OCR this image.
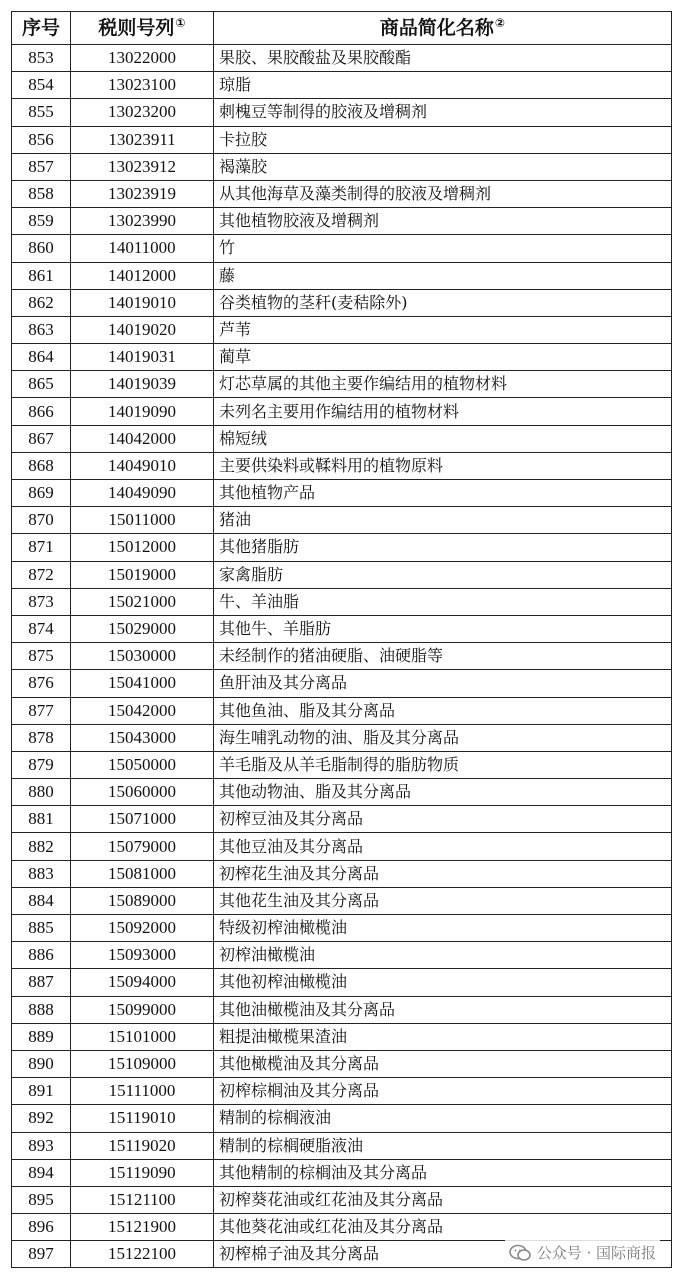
序号	税则号列①	商品简化名称②
853	13022000	果胶、果胶酸盐及果胶酸酯
854	13023100	琼脂
855	13023200	刺槐豆等制得的胶液及增稠剂
856	13023911	卡拉胶
857	13023912	褐藻胶
858	13023919	从其他海草及藻类制得的胶液及增稠剂
859	13023990	其他植物胶液及增稠剂
860	14011000	竹
861	14012000	藤
862	14019010	谷类植物的茎秆(麦秸除外)
863	14019020	芦苇
864	14019031	蔺草
865	14019039	灯芯草属的其他主要作编结用的植物材料
866	14019090	未列名主要用作编结用的植物材料
867	14042000	棉短绒
868	14049010	主要供染料或鞣料用的植物原料
869	14049090	其他植物产品
870	15011000	猪油
871	15012000	其他猪脂肪
872	15019000	家禽脂肪
873	15021000	牛、羊油脂
874	15029000	其他牛、羊脂肪
875	15030000	未经制作的猪油硬脂、油硬脂等
876	15041000	鱼肝油及其分离品
877	15042000	其他鱼油、脂及其分离品
878	15043000	海生哺乳动物的油、脂及其分离品
879	15050000	羊毛脂及从羊毛脂制得的脂肪物质
880	15060000	其他动物油、脂及其分离品
881	15071000	初榨豆油及其分离品
882	15079000	其他豆油及其分离品
883	15081000	初榨花生油及其分离品
884	15089000	其他花生油及其分离品
885	15092000	特级初榨油橄榄油
886	15093000	初榨油橄榄油
887	15094000	其他初榨油橄榄油
888	15099000	其他油橄榄油及其分离品
889	15101000	粗提油橄榄果渣油
890	15109000	其他橄榄油及其分离品
891	15111000	初榨棕榈油及其分离品
892	15119010	精制的棕榈液油
893	15119020	精制的棕榈硬脂液油
894	15119090	其他精制的棕榈油及其分离品
895	15121100	初榨葵花油或红花油及其分离品
896	15121900	其他葵花油或红花油及其分离品
897	15122100	初榨棉子油及其分离品	公众号 · 国际商报
